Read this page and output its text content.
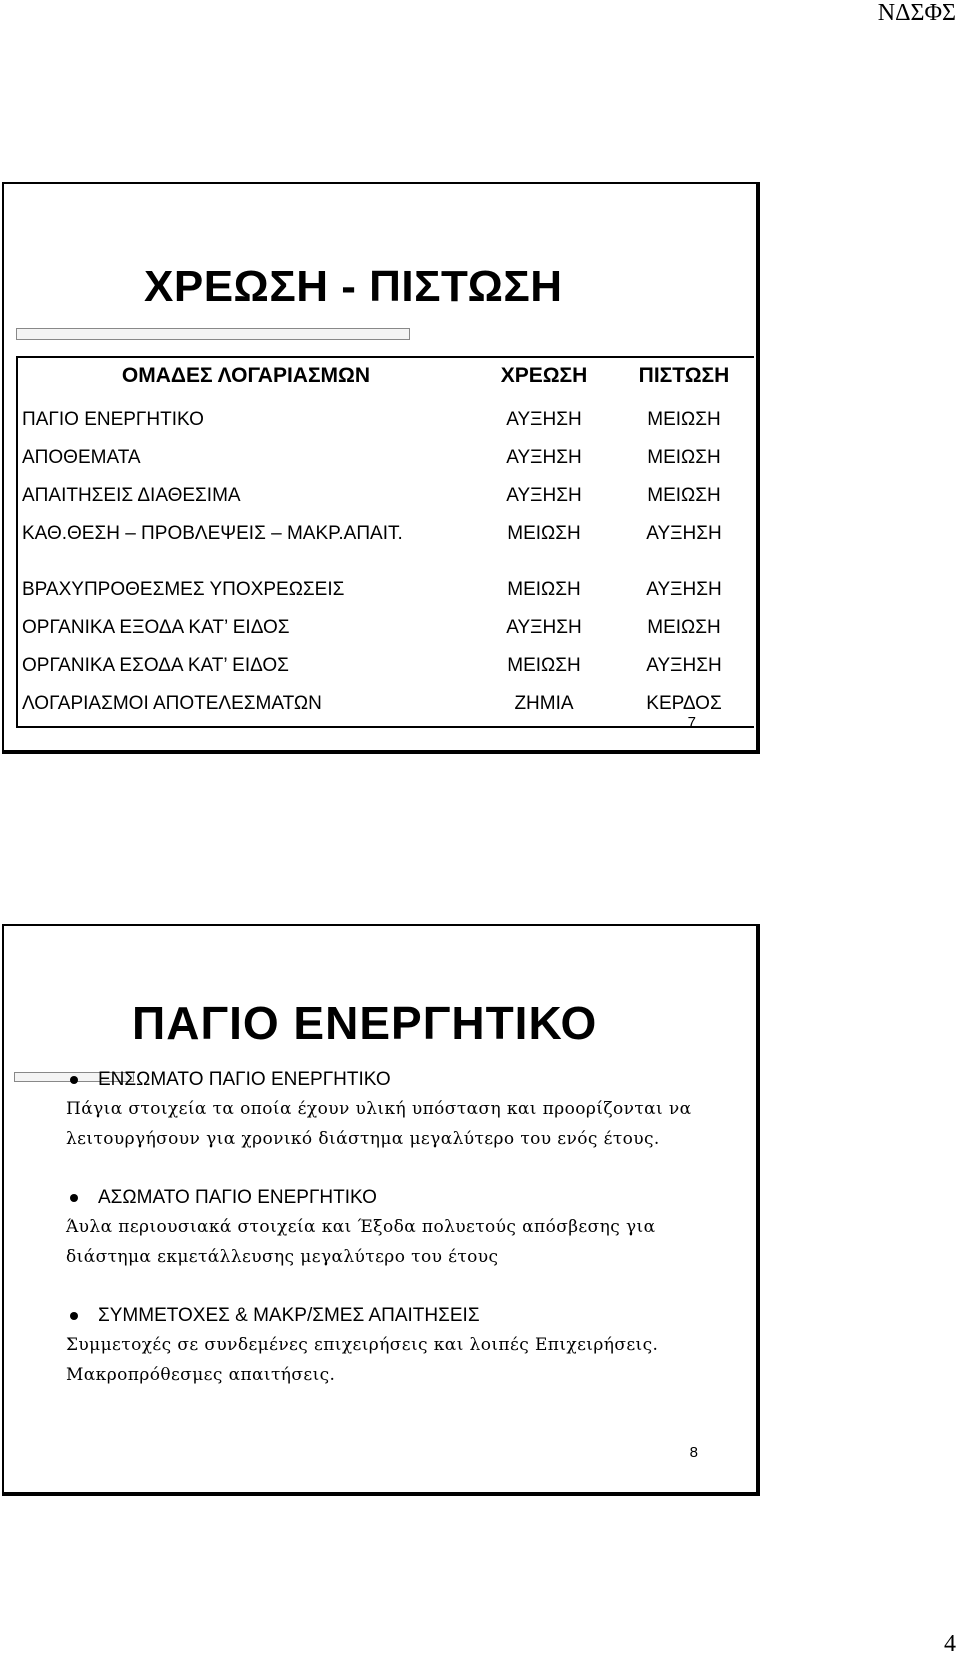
ΝΔΣΦΣ
ΧΡΕΩΣΗ - ΠΙΣΤΩΣΗ
ΟΜΑΔΕΣ ΛΟΓΑΡΙΑΣΜΩΝ	ΧΡΕΩΣΗ	ΠΙΣΤΩΣΗ
ΠΑΓΙΟ ΕΝΕΡΓΗΤΙΚΟ	ΑΥΞΗΣΗ	ΜΕΙΩΣΗ
ΑΠΟΘΕΜΑΤΑ	ΑΥΞΗΣΗ	ΜΕΙΩΣΗ
ΑΠΑΙΤΗΣΕΙΣ ΔΙΑΘΕΣΙΜΑ	ΑΥΞΗΣΗ	ΜΕΙΩΣΗ
ΚΑΘ.ΘΕΣΗ – ΠΡΟΒΛΕΨΕΙΣ – ΜΑΚΡ.ΑΠΑΙΤ.	ΜΕΙΩΣΗ	ΑΥΞΗΣΗ
ΒΡΑΧΥΠΡΟΘΕΣΜΕΣ ΥΠΟΧΡΕΩΣΕΙΣ	ΜΕΙΩΣΗ	ΑΥΞΗΣΗ
ΟΡΓΑΝΙΚΑ ΕΞΟΔΑ ΚΑΤ’ ΕΙΔΟΣ	ΑΥΞΗΣΗ	ΜΕΙΩΣΗ
ΟΡΓΑΝΙΚΑ ΕΣΟΔΑ ΚΑΤ’ ΕΙΔΟΣ	ΜΕΙΩΣΗ	ΑΥΞΗΣΗ
ΛΟΓΑΡΙΑΣΜΟΙ ΑΠΟΤΕΛΕΣΜΑΤΩΝ	ΖΗΜΙΑ	ΚΕΡΔΟΣ
7
ΠΑΓΙΟ ΕΝΕΡΓΗΤΙΚΟ
ΕΝΣΩΜΑΤΟ ΠΑΓΙΟ ΕΝΕΡΓΗΤΙΚΟ
Πάγια στοιχεία τα οποία έχουν υλική υπόσταση και προορίζονται να λειτουργήσουν για χρονικό διάστημα μεγαλύτερο του ενός έτους.
ΑΣΩΜΑΤΟ ΠΑΓΙΟ ΕΝΕΡΓΗΤΙΚΟ
Άυλα περιουσιακά στοιχεία και Έξοδα πολυετούς απόσβεσης για διάστημα εκμετάλλευσης μεγαλύτερο του έτους
ΣΥΜΜΕΤΟΧΕΣ & ΜΑΚΡ/ΣΜΕΣ ΑΠΑΙΤΗΣΕΙΣ
Συμμετοχές σε συνδεμένες επιχειρήσεις και λοιπές Επιχειρήσεις. Μακροπρόθεσμες απαιτήσεις.
8
4
